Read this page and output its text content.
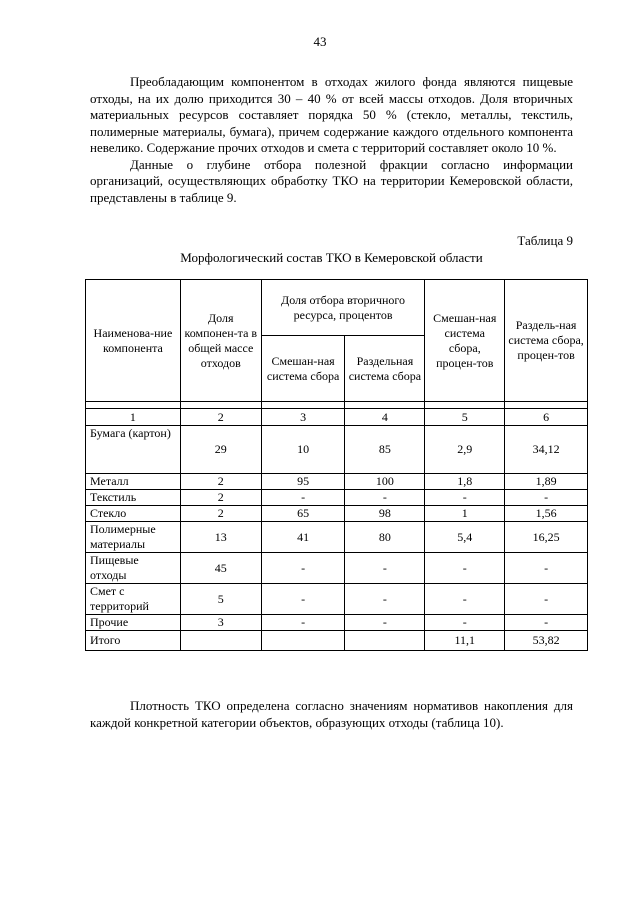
43

Преобладающим компонентом в отходах жилого фонда являются пищевые отходы, на их долю приходится 30 – 40 % от всей массы отходов. Доля вторичных материальных ресурсов составляет порядка 50 % (стекло, металлы, текстиль, полимерные материалы, бумага), причем содержание каждого отдельного компонента невелико. Содержание прочих отходов и смета с территорий составляет около 10 %.

Данные о глубине отбора полезной фракции согласно информации организаций, осуществляющих обработку ТКО на территории Кемеровской области, представлены в таблице 9.

Таблица 9
Морфологический состав ТКО в Кемеровской области
Наименова-ние компонента	Доля компонен-та в общей массе отходов	Доля отбора вторичного ресурса, процентов		Смешан-ная система сбора, процен-тов	Раздель-ная система сбора, процен-тов
		Смешан-ная система сбора	Раздельная система сбора		

1	2	3	4	5	6
Бумага (картон)	29	10	85	2,9	34,12
Металл	2	95	100	1,8	1,89
Текстиль	2	-	-	-	-
Стекло	2	65	98	1	1,56
Полимерные материалы	13	41	80	5,4	16,25
Пищевые отходы	45	-	-	-	-
Смет с территорий	5	-	-	-	-
Прочие	3	-	-	-	-
Итого				11,1	53,82

Плотность ТКО определена согласно значениям нормативов накопления для каждой конкретной категории объектов, образующих отходы (таблица 10).
